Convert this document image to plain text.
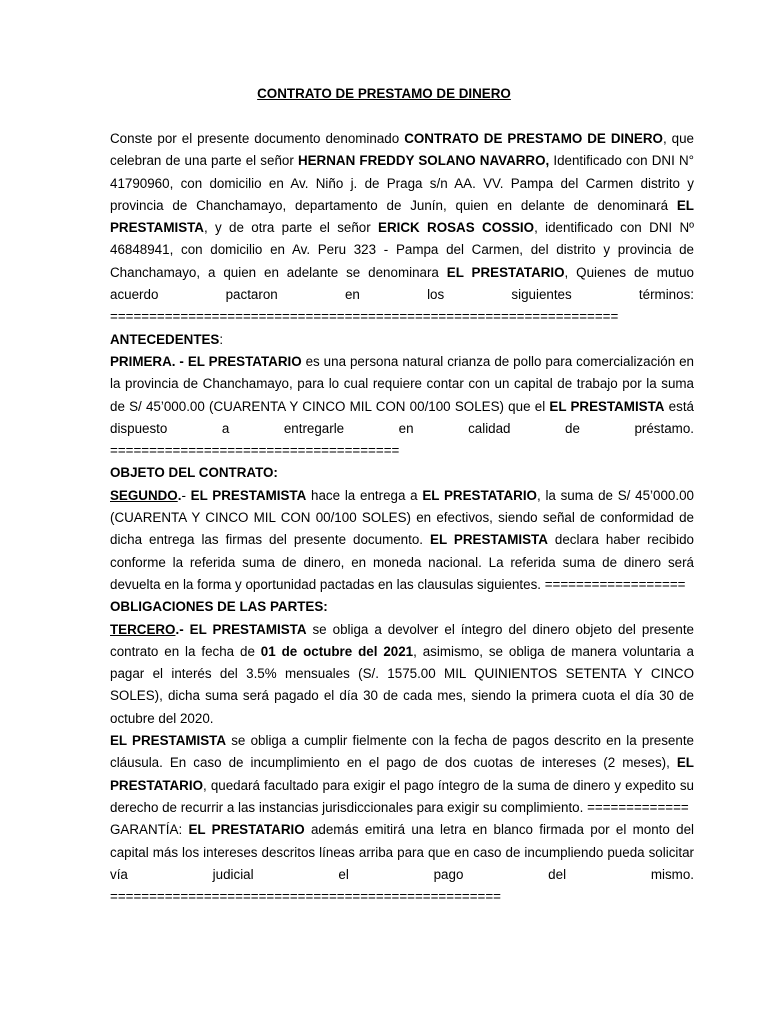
CONTRATO DE PRESTAMO DE DINERO

Conste por el presente documento denominado CONTRATO DE PRESTAMO DE DINERO, que celebran de una parte el señor HERNAN FREDDY SOLANO NAVARRO, Identificado con DNI N° 41790960, con domicilio en Av. Niño j. de Praga s/n AA. VV. Pampa del Carmen distrito y provincia de Chanchamayo, departamento de Junín, quien en delante de denominará EL PRESTAMISTA, y de otra parte el señor ERICK ROSAS COSSIO, identificado con DNI Nº 46848941, con domicilio en Av. Peru 323 - Pampa del Carmen, del distrito y provincia de Chanchamayo, a quien en adelante se denominara EL PRESTATARIO, Quienes de mutuo acuerdo pactaron en los siguientes términos:

=================================================================
ANTECEDENTES:

PRIMERA. - EL PRESTATARIO es una persona natural crianza de pollo para comercialización en la provincia de Chanchamayo, para lo cual requiere contar con un capital de trabajo por la suma de S/ 45’000.00 (CUARENTA Y CINCO MIL CON 00/100 SOLES) que el EL PRESTAMISTA está dispuesto a entregarle en calidad de préstamo.

=====================================
OBJETO DEL CONTRATO:

SEGUNDO.- EL PRESTAMISTA hace la entrega a EL PRESTATARIO, la suma de S/ 45’000.00 (CUARENTA Y CINCO MIL CON 00/100 SOLES) en efectivos, siendo señal de conformidad de dicha entrega las firmas del presente documento. EL PRESTAMISTA declara haber recibido conforme la referida suma de dinero, en moneda nacional. La referida suma de dinero será devuelta en la forma y oportunidad pactadas en las clausulas siguientes. ==================

OBLIGACIONES DE LAS PARTES:

TERCERO.- EL PRESTAMISTA se obliga a devolver el íntegro del dinero objeto del presente contrato en la fecha de 01 de octubre del 2021, asimismo, se obliga de manera voluntaria a pagar el interés del 3.5% mensuales (S/. 1575.00 MIL QUINIENTOS SETENTA Y CINCO SOLES), dicha suma será pagado el día 30 de cada mes, siendo la primera cuota el día 30 de octubre del 2020.

EL PRESTAMISTA se obliga a cumplir fielmente con la fecha de pagos descrito en la presente cláusula. En caso de incumplimiento en el pago de dos cuotas de intereses (2 meses), EL PRESTATARIO, quedará facultado para exigir el pago íntegro de la suma de dinero y expedito su derecho de recurrir a las instancias jurisdiccionales para exigir su complimiento. =============

GARANTÍA: EL PRESTATARIO además emitirá una letra en blanco firmada por el monto del capital más los intereses descritos líneas arriba para que en caso de incumpliendo pueda solicitar vía judicial el pago del mismo.

==================================================
